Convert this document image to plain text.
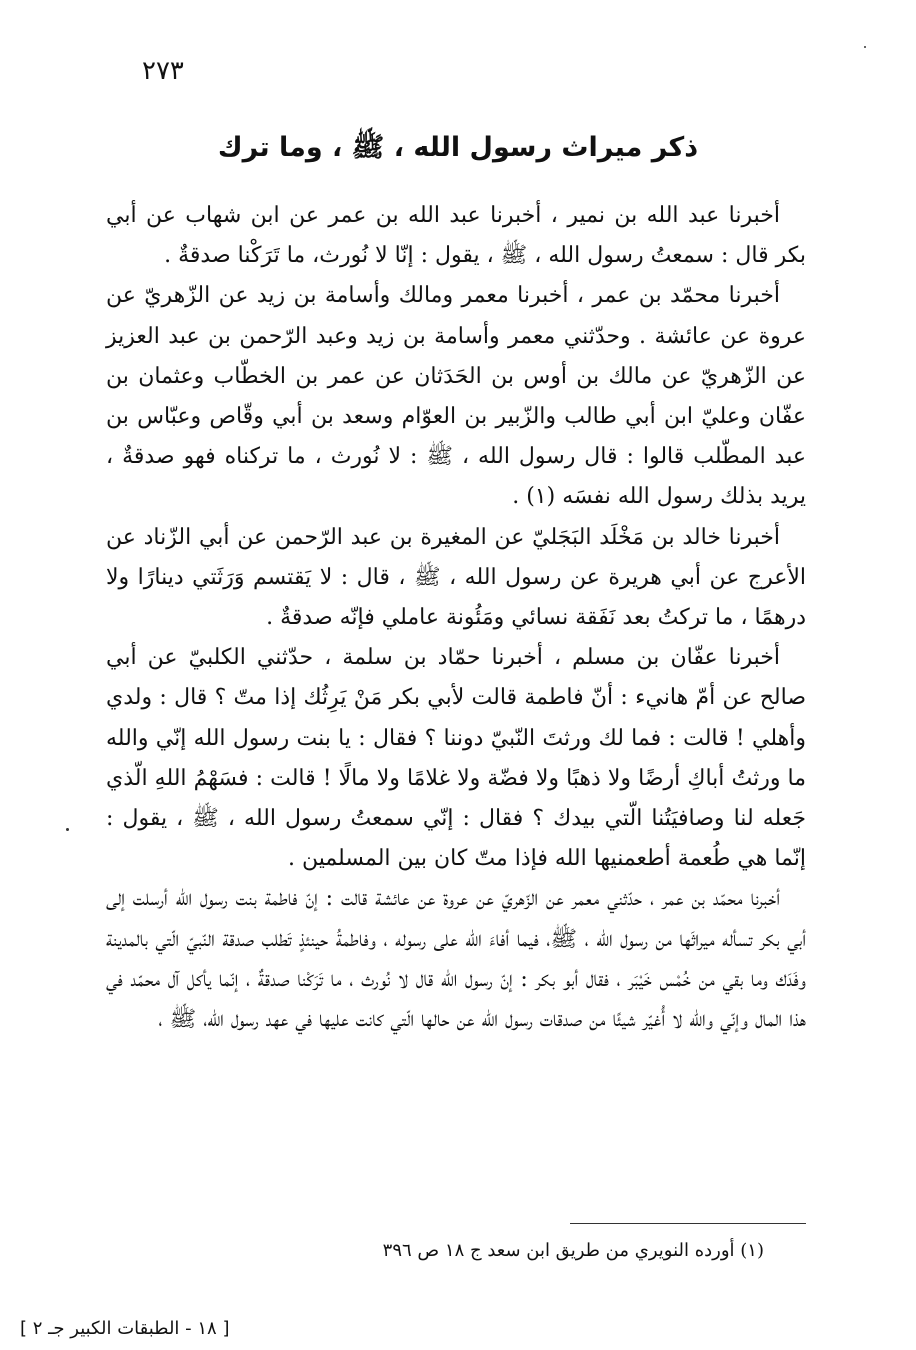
٢٧٣
ذكر ميراث رسول الله ، ﷺ ، وما ترك

أخبرنا عبد الله بن نمير ، أخبرنا عبد الله بن عمر عن ابن شهاب عن أبي بكر قال : سمعتُ رسول الله ، ﷺ ، يقول : إنّا لا نُورث، ما تَرَكْنا صدقةٌ .

أخبرنا محمّد بن عمر ، أخبرنا معمر ومالك وأسامة بن زيد عن الزّهريّ عن عروة عن عائشة . وحدّثني معمر وأسامة بن زيد وعبد الرّحمن بن عبد العزيز عن الزّهريّ عن مالك بن أوس بن الحَدَثان عن عمر بن الخطّاب وعثمان بن عفّان وعليّ ابن أبي طالب والزّبير بن العوّام وسعد بن أبي وقّاص وعبّاس بن عبد المطّلب قالوا : قال رسول الله ، ﷺ : لا نُورث ، ما تركناه فهو صدقةٌ ، يريد بذلك رسول الله نفسَه (١) .

أخبرنا خالد بن مَخْلَد البَجَليّ عن المغيرة بن عبد الرّحمن عن أبي الزّناد عن الأعرج عن أبي هريرة عن رسول الله ، ﷺ ، قال : لا يَقتسم وَرَثَتي دينارًا ولا درهمًا ، ما تركتُ بعد نَفَقة نسائي ومَئُونة عاملي فإنّه صدقةٌ .

أخبرنا عفّان بن مسلم ، أخبرنا حمّاد بن سلمة ، حدّثني الكلبيّ عن أبي صالح عن أمّ هانيء : أنّ فاطمة قالت لأبي بكر مَنْ يَرِثُك إذا متّ ؟ قال : ولدي وأهلي ! قالت : فما لك ورثتَ النّبيّ دوننا ؟ فقال : يا بنت رسول الله إنّي والله ما ورثتُ أباكِ أرضًا ولا ذهبًا ولا فضّة ولا غلامًا ولا مالًا ! قالت : فسَهْمُ اللهِ الّذي جَعله لنا وصافيَتُنا الّتي بيدك ؟ فقال : إنّي سمعتُ رسول الله ، ﷺ ، يقول : إنّما هي طُعمة أطعمنيها الله فإذا متّ كان بين المسلمين .

أخبرنا محمّد بن عمر ، حدّثني معمر عن الزّهريّ عن عروة عن عائشة قالت : إنّ فاطمة بنت رسول الله أرسلت إلى أبي بكر تسأله ميراثَها من رسول الله ، ﷺ، فيما أفاءَ الله على رسوله ، وفاطمةُ حينئذٍ تَطلب صدقة النّبيّ الّتي بالمدينة وفَدَك وما بقي من خُمْس خَيْبَر ، فقال أبو بكر : إنّ رسول الله قال لا نُورث ، ما تَرَكْنا صدقةٌ ، إنّما يأكل آل محمّد في هذا المال وإنّي والله لا أُغيّر شيئًا من صدقات رسول الله عن حالها الّتي كانت عليها في عهد رسول الله، ﷺ ،

(١) أورده النويري من طريق ابن سعد ج ١٨ ص ٣٩٦
[ ١٨ - الطبقات الكبير جـ ٢ ]
